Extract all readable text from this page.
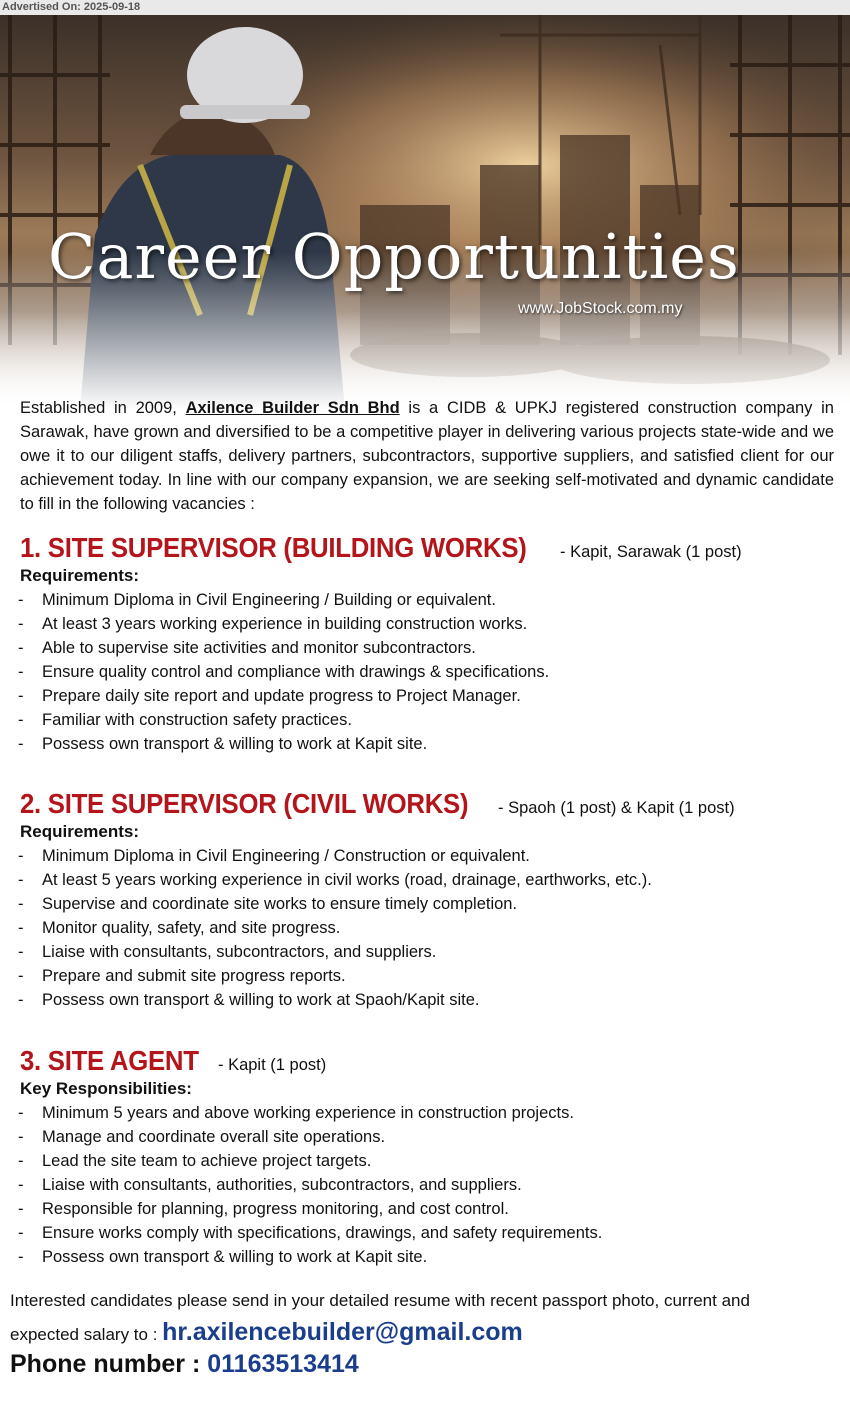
Advertised On: 2025-09-18
Career Opportunities
www.JobStock.com.my
Established in 2009, Axilence Builder Sdn Bhd is a CIDB & UPKJ registered construction company in Sarawak, have grown and diversified to be a competitive player in delivering various projects state-wide and we owe it to our diligent staffs, delivery partners, subcontractors, supportive suppliers, and satisfied client for our achievement today. In line with our company expansion, we are seeking self-motivated and dynamic candidate to fill in the following vacancies :
1. SITE SUPERVISOR (BUILDING WORKS) - Kapit, Sarawak (1 post)
Requirements:
-	Minimum Diploma in Civil Engineering / Building or equivalent.
-	At least 3 years working experience in building construction works.
-	Able to supervise site activities and monitor subcontractors.
-	Ensure quality control and compliance with drawings & specifications.
-	Prepare daily site report and update progress to Project Manager.
-	Familiar with construction safety practices.
-	Possess own transport & willing to work at Kapit site.
2. SITE SUPERVISOR (CIVIL WORKS) - Spaoh (1 post) & Kapit (1 post)
Requirements:
-	Minimum Diploma in Civil Engineering / Construction or equivalent.
-	At least 5 years working experience in civil works (road, drainage, earthworks, etc.).
-	Supervise and coordinate site works to ensure timely completion.
-	Monitor quality, safety, and site progress.
-	Liaise with consultants, subcontractors, and suppliers.
-	Prepare and submit site progress reports.
-	Possess own transport & willing to work at Spaoh/Kapit site.
3. SITE AGENT - Kapit (1 post)
Key Responsibilities:
-	Minimum 5 years and above working experience in construction projects.
-	Manage and coordinate overall site operations.
-	Lead the site team to achieve project targets.
-	Liaise with consultants, authorities, subcontractors, and suppliers.
-	Responsible for planning, progress monitoring, and cost control.
-	Ensure works comply with specifications, drawings, and safety requirements.
-	Possess own transport & willing to work at Kapit site.
Interested candidates please send in your detailed resume with recent passport photo, current and
expected salary to : hr.axilencebuilder@gmail.com
Phone number : 01163513414
